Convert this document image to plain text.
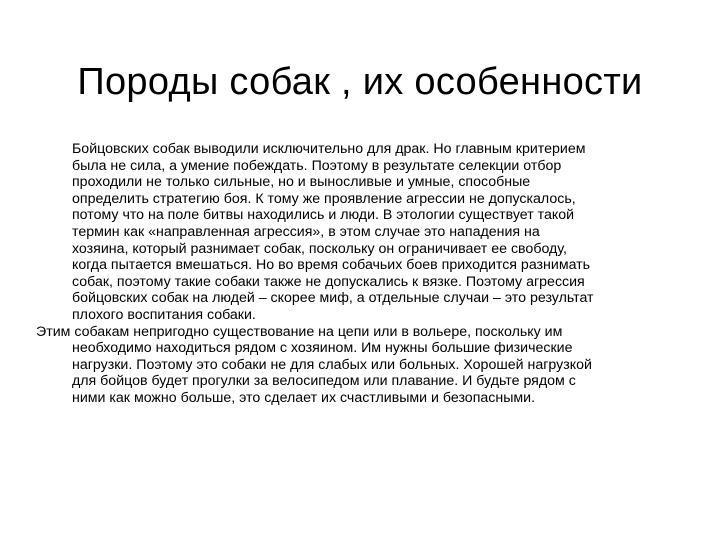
Породы собак , их особенности
Бойцовских собак выводили исключительно для драк. Но главным критерием
была не сила, а умение побеждать. Поэтому в результате селекции отбор
проходили не только сильные, но и выносливые и умные, способные
определить стратегию боя. К тому же проявление агрессии не допускалось,
потому что на поле битвы находились и люди. В этологии существует такой
термин как «направленная агрессия», в этом случае это нападения на
хозяина, который разнимает собак, поскольку он ограничивает ее свободу,
когда пытается вмешаться. Но во время собачьих боев приходится разнимать
собак, поэтому такие собаки также не допускались к вязке. Поэтому агрессия
бойцовских собак на людей – скорее миф, а отдельные случаи – это результат
плохого воспитания собаки.
Этим собакам непригодно существование на цепи или в вольере, поскольку им
необходимо находиться рядом с хозяином. Им нужны большие физические
нагрузки. Поэтому это собаки не для слабых или больных. Хорошей нагрузкой
для бойцов будет прогулки за велосипедом или плавание. И будьте рядом с
ними как можно больше, это сделает их счастливыми и безопасными.
